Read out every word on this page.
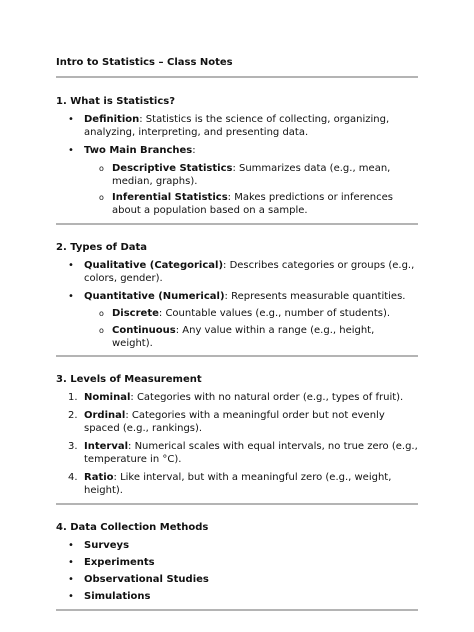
Intro to Statistics – Class Notes
1. What is Statistics?
•	Definition: Statistics is the science of collecting, organizing, analyzing, interpreting, and presenting data.
•	Two Main Branches:
o Descriptive Statistics: Summarizes data (e.g., mean, median, graphs).
o Inferential Statistics: Makes predictions or inferences about a population based on a sample.
2. Types of Data
•	Qualitative (Categorical): Describes categories or groups (e.g., colors, gender).
•	Quantitative (Numerical): Represents measurable quantities.
o Discrete: Countable values (e.g., number of students).
o Continuous: Any value within a range (e.g., height, weight).
3. Levels of Measurement
1. Nominal: Categories with no natural order (e.g., types of fruit).
2. Ordinal: Categories with a meaningful order but not evenly spaced (e.g., rankings).
3. Interval: Numerical scales with equal intervals, no true zero (e.g., temperature in °C).
4. Ratio: Like interval, but with a meaningful zero (e.g., weight, height).
4. Data Collection Methods
•	Surveys
•	Experiments
•	Observational Studies
•	Simulations
